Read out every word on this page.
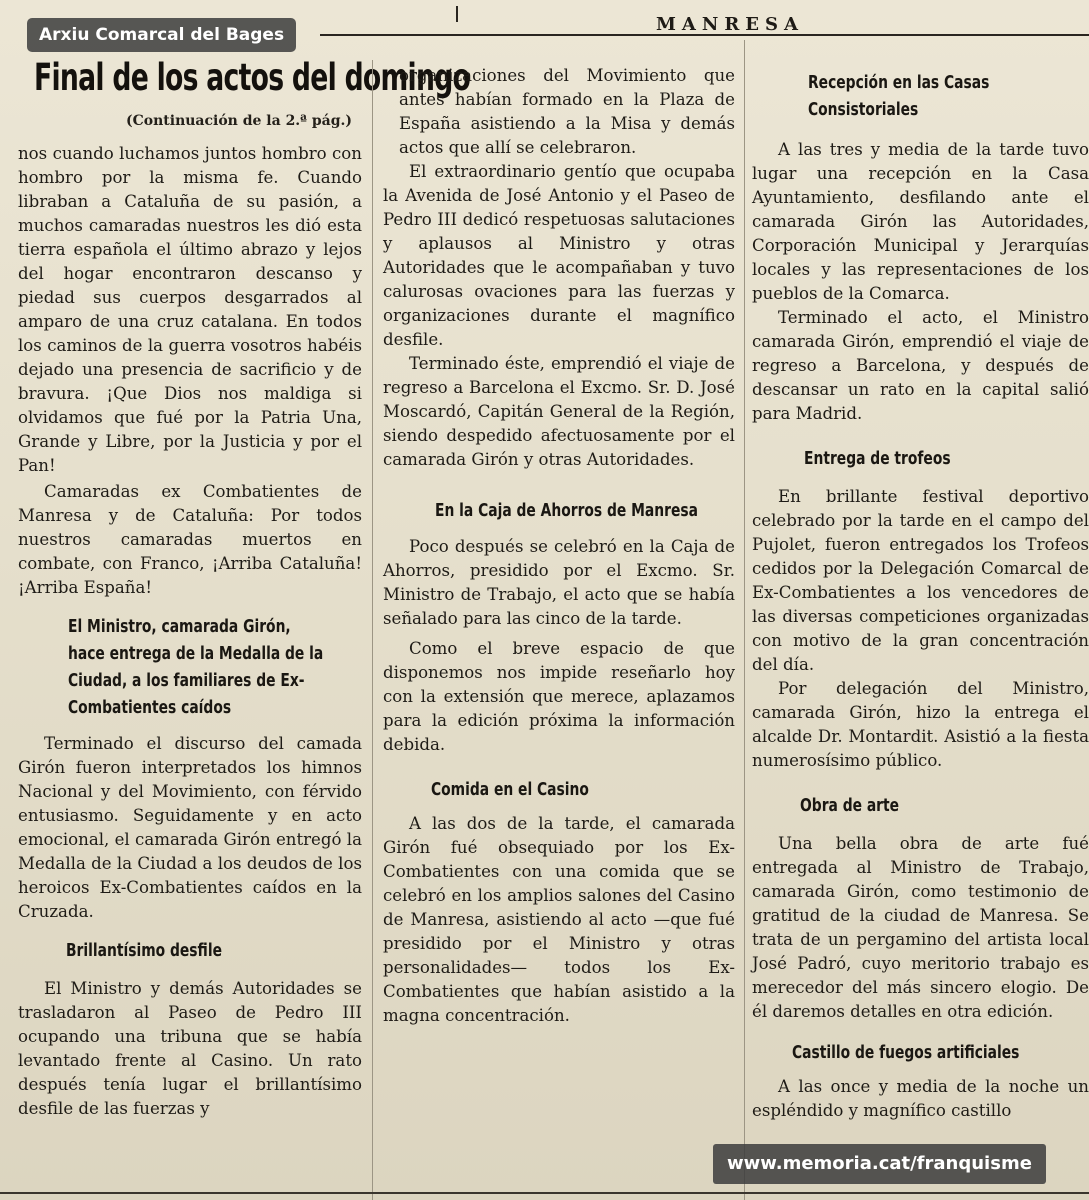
MANRESA
Arxiu Comarcal del Bages
Final de los actos del domingo
(Continuación de la 2.ª pág.)

nos cuando luchamos juntos hombro con hombro por la misma fe. Cuando libraban a Cataluña de su pasión, a muchos camaradas nuestros les dió esta tierra española el último abrazo y lejos del hogar encontraron descanso y piedad sus cuerpos desgarrados al amparo de una cruz catalana. En todos los caminos de la guerra vosotros habéis dejado una presencia de sacrificio y de bravura. ¡Que Dios nos maldiga si olvidamos que fué por la Patria Una, Grande y Libre, por la Justicia y por el Pan!

Camaradas ex Combatientes de Manresa y de Cataluña: Por todos nuestros camaradas muertos en combate, con Franco, ¡Arriba Cataluña! ¡Arriba España!

El Ministro, camarada Girón,
hace entrega de la Medalla de la
Ciudad, a los familiares de Ex-
Combatientes caídos

Terminado el discurso del camada Girón fueron interpretados los himnos Nacional y del Movimiento, con férvido entusiasmo. Seguidamente y en acto emocional, el camarada Girón entregó la Medalla de la Ciudad a los deudos de los heroicos Ex-Combatientes caídos en la Cruzada.

Brillantísimo desfile

El Ministro y demás Autoridades se trasladaron al Paseo de Pedro III ocupando una tribuna que se había levantado frente al Casino. Un rato después tenía lugar el brillantísimo desfile de las fuerzas y

organizaciones del Movimiento que antes habían formado en la Plaza de España asistiendo a la Misa y demás actos que allí se celebraron.

El extraordinario gentío que ocupaba la Avenida de José Antonio y el Paseo de Pedro III dedicó respetuosas salutaciones y aplausos al Ministro y otras Autoridades que le acompañaban y tuvo calurosas ovaciones para las fuerzas y organizaciones durante el magnífico desfile.

Terminado éste, emprendió el viaje de regreso a Barcelona el Excmo. Sr. D. José Moscardó, Capitán General de la Región, siendo despedido afectuosamente por el camarada Girón y otras Autoridades.

En la Caja de Ahorros de Manresa

Poco después se celebró en la Caja de Ahorros, presidido por el Excmo. Sr. Ministro de Trabajo, el acto que se había señalado para las cinco de la tarde.

Como el breve espacio de que disponemos nos impide reseñarlo hoy con la extensión que merece, aplazamos para la edición próxima la información debida.

Comida en el Casino

A las dos de la tarde, el camarada Girón fué obsequiado por los Ex-Combatientes con una comida que se celebró en los amplios salones del Casino de Manresa, asistiendo al acto —que fué presidido por el Ministro y otras personalidades— todos los Ex-Combatientes que habían asistido a la magna concentración.

Recepción en las Casas
Consistoriales

A las tres y media de la tarde tuvo lugar una recepción en la Casa Ayuntamiento, desfilando ante el camarada Girón las Autoridades, Corporación Municipal y Jerarquías locales y las representaciones de los pueblos de la Comarca.

Terminado el acto, el Ministro camarada Girón, emprendió el viaje de regreso a Barcelona, y después de descansar un rato en la capital salió para Madrid.

Entrega de trofeos

En brillante festival deportivo celebrado por la tarde en el campo del Pujolet, fueron entregados los Trofeos cedidos por la Delegación Comarcal de Ex-Combatientes a los vencedores de las diversas competiciones organizadas con motivo de la gran concentración del día.

Por delegación del Ministro, camarada Girón, hizo la entrega el alcalde Dr. Montardit. Asistió a la fiesta numerosísimo público.

Obra de arte

Una bella obra de arte fué entregada al Ministro de Trabajo, camarada Girón, como testimonio de gratitud de la ciudad de Manresa. Se trata de un pergamino del artista local José Padró, cuyo meritorio trabajo es merecedor del más sincero elogio. De él daremos detalles en otra edición.

Castillo de fuegos artificiales

A las once y media de la noche un espléndido y magnífico castillo

www.memoria.cat/franquisme
